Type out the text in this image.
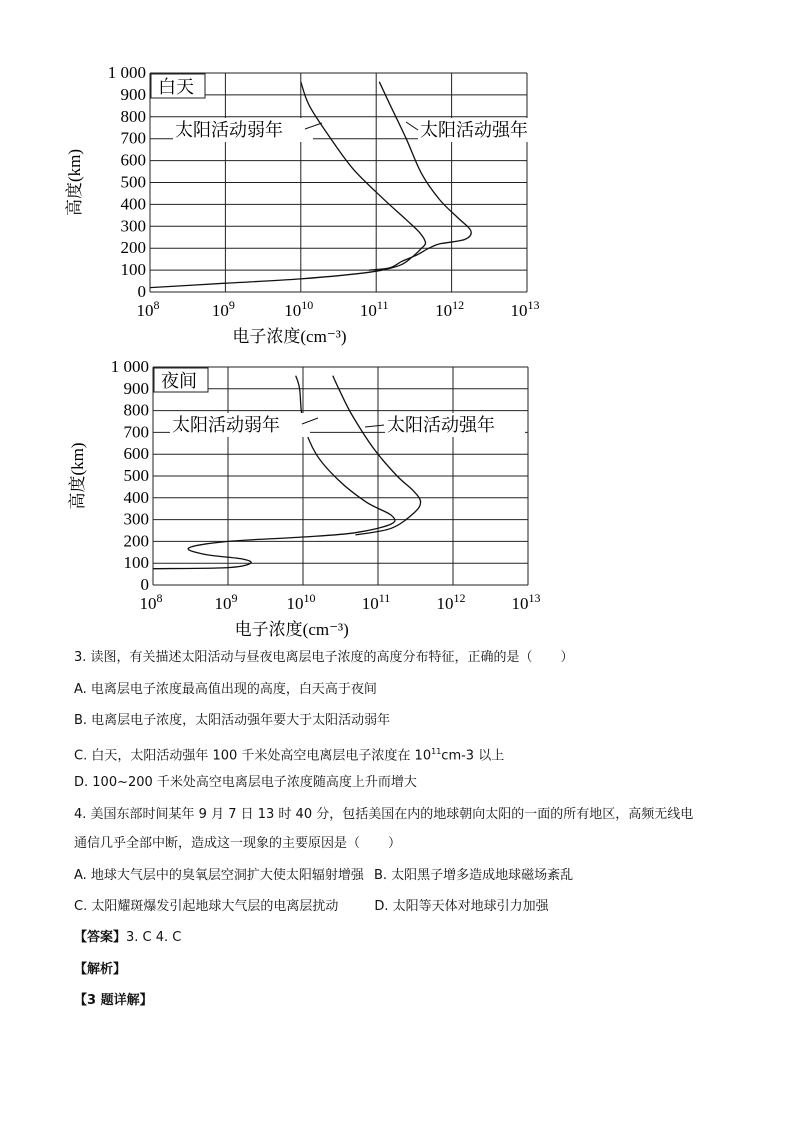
1 000
900
800
700
600
500
400
300
200
100
0
$10^8$	$10^9$	$10^{10}$	$10^{11}$	$10^{12}$	$10^{13}$
电子浓度(cm⁻³)
高度(km)
白天
太阳活动弱年	太阳活动强年
1 000
900
800
700
600
500
400
300
200
100
0
$10^8$	$10^9$	$10^{10}$	$10^{11}$	$10^{12}$	$10^{13}$
电子浓度(cm⁻³)
高度(km)
夜间
太阳活动弱年	太阳活动强年
3. 读图，有关描述太阳活动与昼夜电离层电子浓度的高度分布特征，正确的是（ ）
A. 电离层电子浓度最高值出现的高度，白天高于夜间
B. 电离层电子浓度，太阳活动强年要大于太阳活动弱年
C. 白天，太阳活动强年 100 千米处高空电离层电子浓度在 $10^{11}cm-3$ 以上
D. 100~200 千米处高空电离层电子浓度随高度上升而增大
4. 美国东部时间某年 9 月 7 日 13 时 40 分，包括美国在内的地球朝向太阳的一面的所有地区，高频无线电
通信几乎全部中断，造成这一现象的主要原因是（ ）
A. 地球大气层中的臭氧层空洞扩大使太阳辐射增强 B. 太阳黑子增多造成地球磁场紊乱
C. 太阳耀斑爆发引起地球大气层的电离层扰动	D. 太阳等天体对地球引力加强
【答案】3. C 4. C
【解析】
【3 题详解】
